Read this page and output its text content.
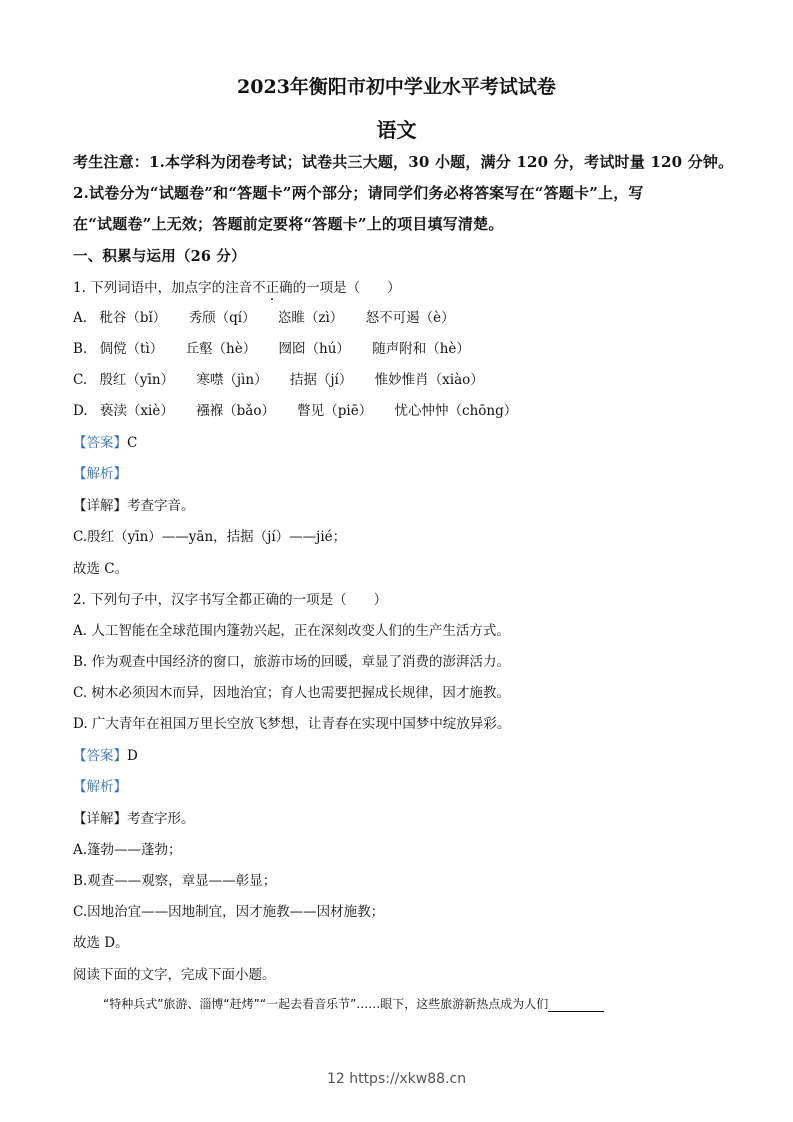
2023年衡阳市初中学业水平考试试卷
语文
考生注意：1.本学科为闭卷考试；试卷共三大题，30 小题，满分 120 分，考试时量 120 分钟。
2.试卷分为“试题卷”和“答题卡”两个部分；请同学们务必将答案写在“答题卡”上，写
在“试题卷”上无效；答题前定要将“答题卡”上的项目填写清楚。
一、积累与运用（26 分）
1. 下列词语中，加点字的注音不正确的一项是（　　）
A. 秕谷（bǐ） 秀颀（qí） 恣睢（zì） 怒不可遏（è）
B. 倜傥（tì） 丘壑（hè） 囫囵（hú） 随声附和（hè）
C. 殷红（yīn） 寒噤（jìn） 拮据（jí） 惟妙惟肖（xiào）
D. 亵渎（xiè） 襁褓（bǎo） 瞥见（piē） 忧心忡忡（chōng）
【答案】C
【解析】
【详解】考查字音。
C.殷红（yīn）——yān，拮据（jí）——jié；
故选 C。
2. 下列句子中，汉字书写全都正确的一项是（　　）
A. 人工智能在全球范围内篷勃兴起，正在深刻改变人们的生产生活方式。
B. 作为观查中国经济的窗口，旅游市场的回暖，章显了消费的澎湃活力。
C. 树木必须因木而异，因地治宜；育人也需要把握成长规律，因才施教。
D. 广大青年在祖国万里长空放飞梦想，让青春在实现中国梦中绽放异彩。
【答案】D
【解析】
【详解】考查字形。
A.篷勃——蓬勃；
B.观查——观察，章显——彰显；
C.因地治宜——因地制宜，因才施教——因材施教；
故选 D。
阅读下面的文字，完成下面小题。
“特种兵式”旅游、淄博“赶烤”“一起去看音乐节”……眼下，这些旅游新热点成为人们
12 https://xkw88.cn
